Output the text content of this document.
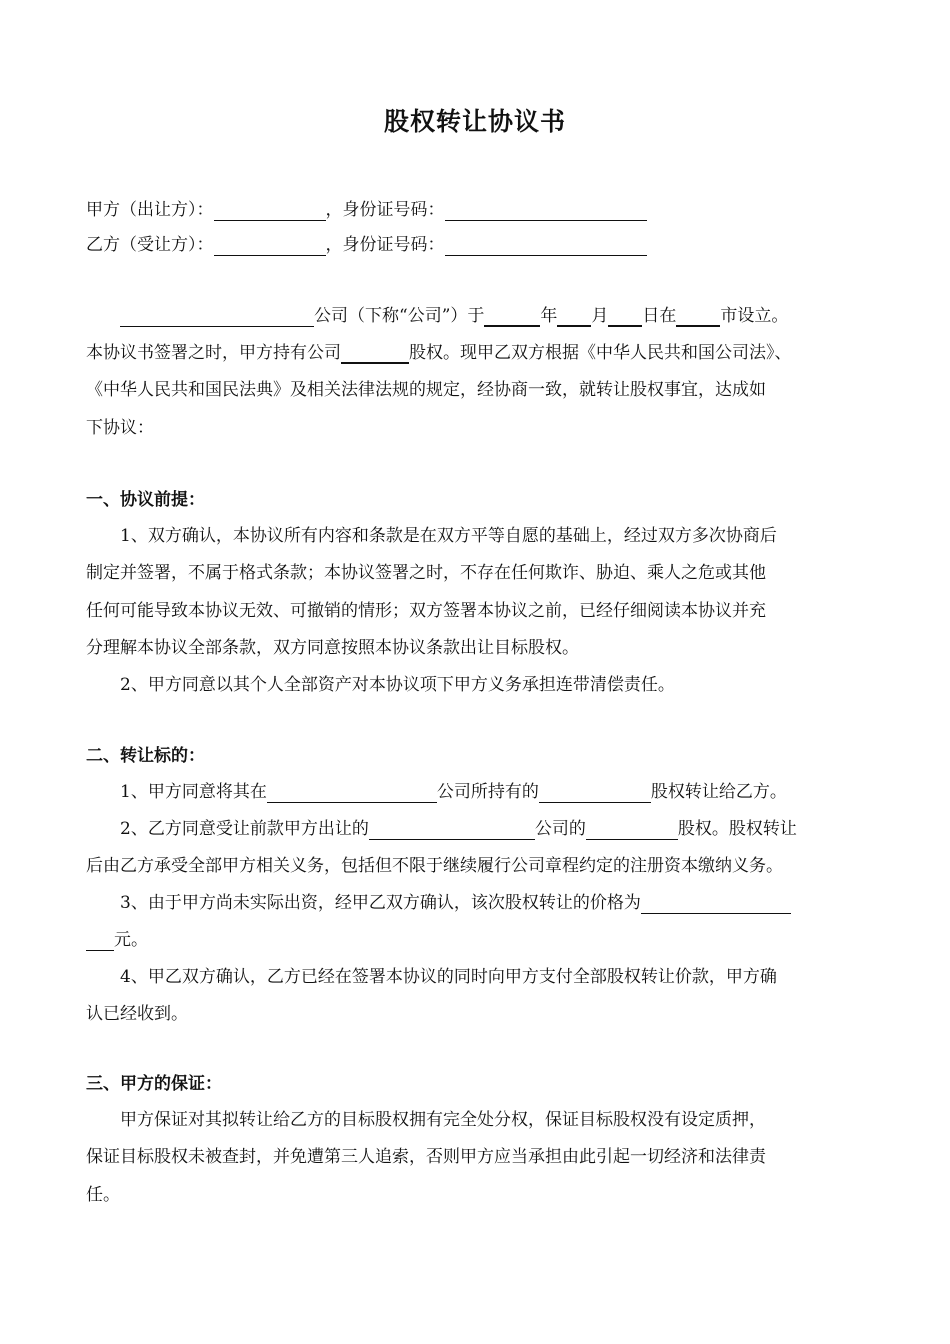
股权转让协议书
甲方（出让方）：	，身份证号码：
乙方（受让方）：	，身份证号码：
公司（下称“公司”）于	年 月 日在	市设立。
本协议书签署之时，甲方持有公司	股权。现甲乙双方根据《中华人民共和国公司法》、
《中华人民共和国民法典》及相关法律法规的规定，经协商一致，就转让股权事宜，达成如
下协议：
一、协议前提：
1、双方确认，本协议所有内容和条款是在双方平等自愿的基础上，经过双方多次协商后
制定并签署，不属于格式条款；本协议签署之时，不存在任何欺诈、胁迫、乘人之危或其他
任何可能导致本协议无效、可撤销的情形；双方签署本协议之前，已经仔细阅读本协议并充
分理解本协议全部条款，双方同意按照本协议条款出让目标股权。
2、甲方同意以其个人全部资产对本协议项下甲方义务承担连带清偿责任。
二、转让标的：
1、甲方同意将其在	公司所持有的	股权转让给乙方。
2、乙方同意受让前款甲方出让的	公司的	股权。股权转让
后由乙方承受全部甲方相关义务，包括但不限于继续履行公司章程约定的注册资本缴纳义务。
3、由于甲方尚未实际出资，经甲乙双方确认，该次股权转让的价格为
元。
4、甲乙双方确认，乙方已经在签署本协议的同时向甲方支付全部股权转让价款，甲方确
认已经收到。
三、甲方的保证：
甲方保证对其拟转让给乙方的目标股权拥有完全处分权，保证目标股权没有设定质押，
保证目标股权未被查封，并免遭第三人追索，否则甲方应当承担由此引起一切经济和法律责
任。
